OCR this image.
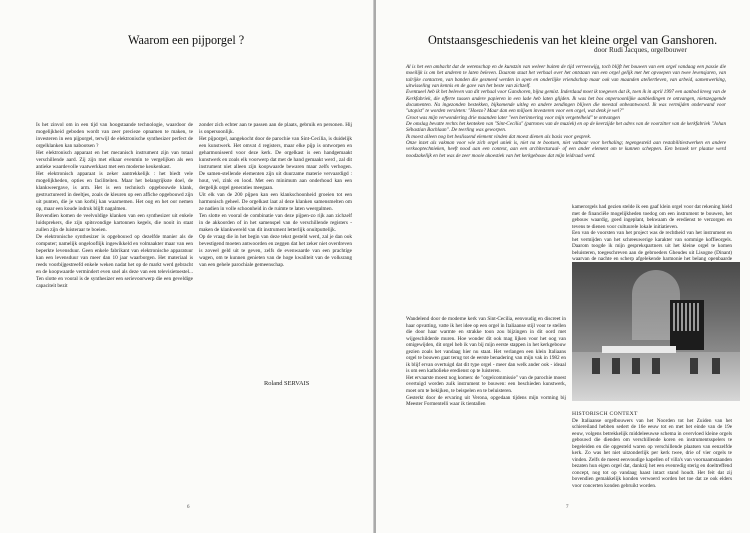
Waarom een pijporgel ?

Is het zinvol om in een tijd van hoogstaande technologie, waardoor de mogelijkheid geboden wordt van zeer precieze opnamen te maken, te investeren in een pijporgel, terwijl de elektronische synthesizer perfect de orgelklanken kan nabootsen ?

Het elektronisch apparaat en het mecanisch instrument zijn van totaal verschillende aard. Zij zijn met elkaar evenmin te vergelijken als een antieke waardevolle vaatwerkkast met een moderne keukenkast.

Het elektronisch apparaat is zeker aantrekkelijk : het biedt vele mogelijkheden, opties en faciliteiten. Maar het belangrijkste doel, de klankweergave, is arm. Het is een technisch opgebouwde klank, gestructureerd in deeltjes, zoals de kleuren op een affiche opgebouwd zijn uit punten, die je van korbij kan waarnemen. Het oog en het oor nemen op, maar een koude indruk blijft nagalmen.

Bovendien komen de veelvuldige klanken van een synthesizer uit enkele luidsprekers, die zijn spitsvondige kartonnen kegels, die nooit in staat zullen zijn de luisteraar te boeien.

De elektronische synthesizer is opgebouwd op dezelfde manier als de computer; namelijk ongelooflijk ingewikkeld en volmaakter maar van een beperkte levensduur. Geen enkele fabrikant van elektronische apparatuur kan een levensduur van meer dan 10 jaar waarborgen. Het materiaal is reeds voorbijgestreefd enkele weken nadat het op de markt werd gebracht en de koopwaarde vermindert even snel als deze van een televisietoestel... Ten slotte en vooral is de synthesizer een serievoorwerp die een geveldige capaciteit bezit

zonder zich echter aan te passen aan de plaats, gebruik en personen. Hij is onpersoonlijk.

Het pijporgel, aangekocht door de parochie van Sint-Cecilia, is duidelijk een kunstwerk. Het omvat 4 registers, maar elke pijp is ontworpen en geharmoniseerd voor deze kerk. De orgelkast is een handgemaakt kunstwerk en zoals elk voorwerp dat met de hand gemaakt werd , zal dit instrument niet alleen zijn koopwaarde bewaren maar zelfs verhogen. De samen-stellende elementen zijn uit duurzame materie vervaardigd : hout, vel, zink en lood. Met een minimum aan onderhoud kan een dergelijk orgel generaties meegaan.

Uit elk van de 200 pijpen kan een klankschoonheid groeien tot een harmonisch geheel. De orgelkast laat al deze klanken samensmelten om ze nadien in volle schoonheid in de ruimte te laten weergalmen.

Ten slotte en vooral de combinatie van deze pijpen-zo rijk aan zichzelf in de akkoorden of in het samenspel van de verschillende registers - maken de klankwereld van dit instrument letterlijk onuitputtelijk.

Op de vraag die in het begin van deze tekst gesteld werd, zal je dan ook bevestigend moeten antwoorden en zeggen dat het zeker niet overdreven is zoveel geld uit te geven, zelfs de evenwaarde van een prachtige wagen, om te kunnen genieten van de hoge kwaliteit van de volksrang van een gehele parochiale gemeenschap.

Roland SERVAIS
6
Ontstaansgeschiedenis van het kleine orgel van Ganshoren.
door Rudi Jacques, orgelbouwer

Al is het een ambacht dat de wetenschap en de kunstzin van weleer buiten de tijd verreeswijg, toch blijft het bouwen van een orgel vandaag een passie die moeilijk is om het anderen te laten beleven. Daarom staat het verhaal over het ontstaan van een orgel gelijk met het opvoepen van twee levensjaren, van talrijke contacten, van banden die gesmeed werden in open en onderlijke vriendschap maar ook van maanden ateliertleven, van arbeid, samenwerking, uitwisseling van kennis en de gave van het beste van zichzelf.

Eventueel heb ik het beleven van dit verhaal voor Ganshoren, bijna gemist. Inderdaad moet ik toegeven dat ik, toen ik in april 1997 een aanbod kreeg van de Kerkfabriek, die offerte tussen andere papieren in een lade heb laten glijden. Ik was het bos onpersoonlijke aanbiedingen te ontvangen, nietszeggende documenten. Na ingezonden bestekken, bijkomende uitleg en andere zendingen blijven die meestal onbeantwoord. Ik was vermijden onderwand voor "utopist" te worden versleten: "Hoezo? Maar dan een miljoen investeren voor een orgel, wat denk je wel?"

Groot was mijn verwondering drie maanden later "een herinnering voor mijn vergetelheid" te ontvangen

De omslag bevatte rechts het kenteken van "Sint-Cecilia" (patrones van de muziek) en op de keerzijde het adres van de voorzitter van de kerkfabriek "Johan Sébastian Bachlaan". De teerling was geworpen.

Ik moest alleen nog het beslissend element vinden dat moest dienen als basis voor gesprek.

Onze inzet als vakman voor wie zich orgel uniek is, niet na te bootsen, niet vatbaar voor herhaling; tegengesteld aan restabilitiestwerken en andere verkooptechnieken, heeft nood aan een context, aan een architecturaal- of een ander element om te kunnen scheppen. Een bezoek ter plaatse werd noodzakelijk en het was de zeer mooie akoestiek van het kerkgebouw dat mijn leidraad werd.

kamerorgels had gezien stelde ik een gaaf klein orgel voor dat rekening hield met de financiële mogelijkheden toedog om een instrument te bouwen, het gebouw waardig, goed ingeplant, bekwaam de eredienst te verzorgen en tevens te dienen voor cultuurele lokale initiatieven.

Een van de voorsten van het project was de rechtheid van het instrument en het vermijden van het schreeuwerige karakter van sommige koffieorgels. Daarom toogde ik mijn gesprekspartners uit het kleine orgel te komen beluisteren, toegeschreven aan de gebroeders Gheudes uit Lisogne (Dinant) waarvan de nachte en scherp afgelekende harmonie het belang openbaarde

Wandelend door de moderne kerk van Sint-Cecilia, eenvoudig en discreet in haar opvatting, vatte ik het idee op een orgel in Italiaanse stijl voor te stellen die door haar warmte en strakke toon zou bijzingen in dit oord met wijgeschilderde muren. Hoe wonder dit ook mag lijken voor het oog van omigewijden, dit orgel heb ik van bij mijn eerste stappen in het kerkgebouw gezien zoals het vandaag hier nu staat. Het verlangen een klein Italiaans orgel te bouwen gaat terug tot de eerste benadering van mijn vak in 1982 en ik blijf ervan overtuigd dat dit type orgel - meer dan welk ander ook - ideaal is om een katholieke eredienst op te luisteren.

Het ervaarste moest nog komen: de "orgelcommissie" van de parochie moest overtuigd worden zulk instrument te bouwen: een beschieden kunstwerk, moet om te bekijken, te beispelen en te beluisteren.

Gesterkt door de ervaring uit Verona, opgedaan tijdens mijn vorming bij Meester Formentelli waar ik tientallen

HISTORISCH CONTEXT

De Italiaanse orgelbouwers van het Noorden tot het Zuiden van het schiereiland hebben sedert de 16e eeuw tot en met het einde van de 19e eeuw, volgens betrekkelijk middeleeuwse schema in overvloed kleine orgels gebouwd die dienden om verschillende koren en instrumentsspelers te begeleiden en die opgesteld waren op verschillende plaatsen van eenzelfde kerk. Zo was het niet uitzonderlijk per kerk twee, drie of vier orgels te vinden. Zelfs de meest eenvoudige kapellen of villa's van voornaamstaanden bezaten hun eigen orgel dat, dankzij het een evenredig sterig en doeltreffend concept, nog tot op vandaag haast intact stand houdt. Het feit dat zij bovendien gemakkelijk konden verwoerd worden het toe dat ze ook elders voor concerten konden gebruikt worden.

7
